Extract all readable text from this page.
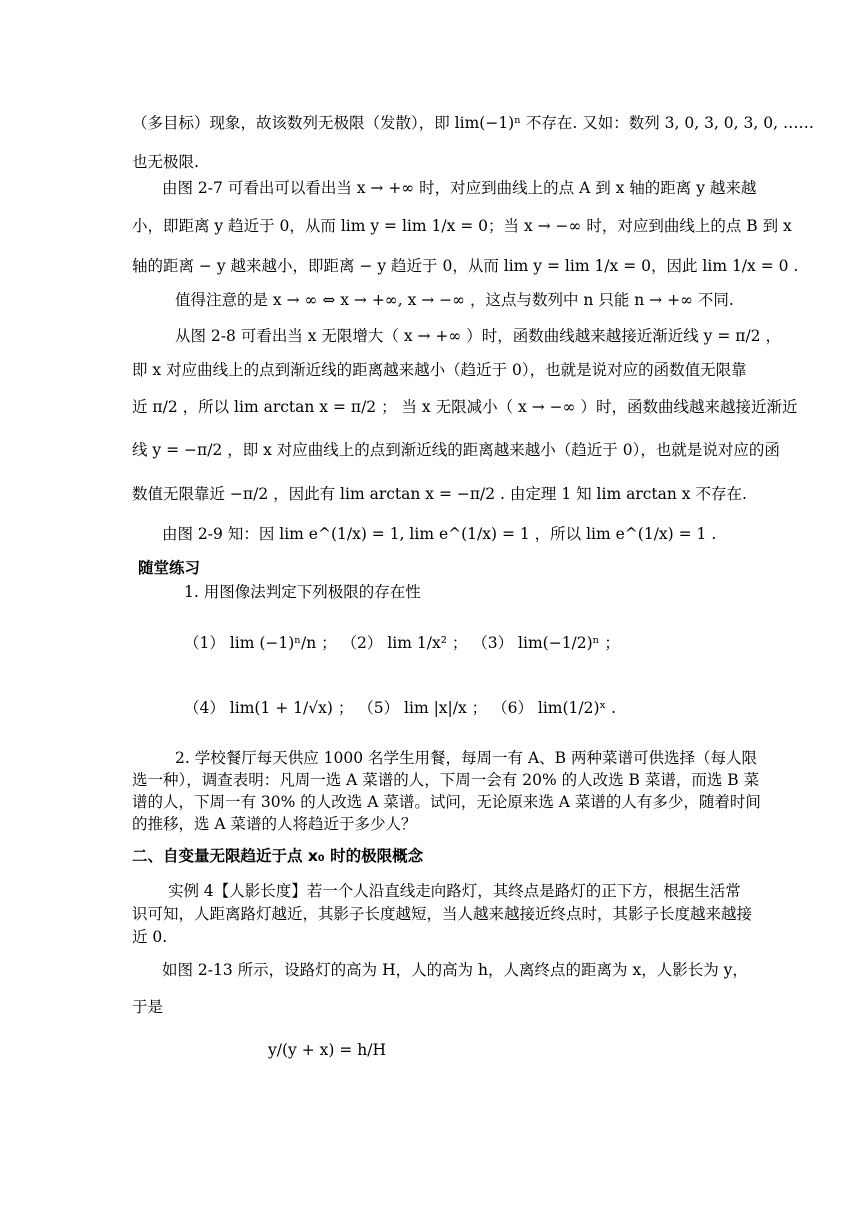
（多目标）现象，故该数列无极限（发散），即 lim(−1)ⁿ 不存在. 又如：数列 3, 0, 3, 0, 3, 0, ……
也无极限.
由图 2-7 可看出可以看出当 x → +∞ 时，对应到曲线上的点 A 到 x 轴的距离 y 越来越
小，即距离 y 趋近于 0，从而 lim y = lim 1/x = 0；当 x → −∞ 时，对应到曲线上的点 B 到 x
轴的距离 − y 越来越小，即距离 − y 趋近于 0，从而 lim y = lim 1/x = 0，因此 lim 1/x = 0 .
值得注意的是 x → ∞ ⇔ x → +∞, x → −∞ ，这点与数列中 n 只能 n → +∞ 不同.
从图 2-8 可看出当 x 无限增大（ x → +∞ ）时，函数曲线越来越接近渐近线 y = π/2 ，
即 x 对应曲线上的点到渐近线的距离越来越小（趋近于 0），也就是说对应的函数值无限靠
近 π/2 ，所以 lim arctan x = π/2 ； 当 x 无限减小（ x → −∞ ）时，函数曲线越来越接近渐近
线 y = −π/2 ，即 x 对应曲线上的点到渐近线的距离越来越小（趋近于 0），也就是说对应的函
数值无限靠近 −π/2 ，因此有 lim arctan x = −π/2 . 由定理 1 知 lim arctan x 不存在.
由图 2-9 知：因 lim e^(1/x) = 1, lim e^(1/x) = 1 ，所以 lim e^(1/x) = 1 .
随堂练习
1. 用图像法判定下列极限的存在性
（1） lim (−1)ⁿ/n ； （2） lim 1/x² ； （3） lim(−1/2)ⁿ ；
（4） lim(1 + 1/√x) ； （5） lim |x|/x ； （6） lim(1/2)ˣ .
2. 学校餐厅每天供应 1000 名学生用餐，每周一有 A、B 两种菜谱可供选择（每人限
选一种），调查表明：凡周一选 A 菜谱的人，下周一会有 20% 的人改选 B 菜谱，而选 B 菜
谱的人，下周一有 30% 的人改选 A 菜谱。试问，无论原来选 A 菜谱的人有多少，随着时间
的推移，选 A 菜谱的人将趋近于多少人？
二、自变量无限趋近于点 x₀ 时的极限概念
实例 4【人影长度】若一个人沿直线走向路灯，其终点是路灯的正下方，根据生活常
识可知，人距离路灯越近，其影子长度越短，当人越来越接近终点时，其影子长度越来越接
近 0.
如图 2-13 所示，设路灯的高为 H，人的高为 h，人离终点的距离为 x，人影长为 y，
于是
y/(y + x) = h/H
